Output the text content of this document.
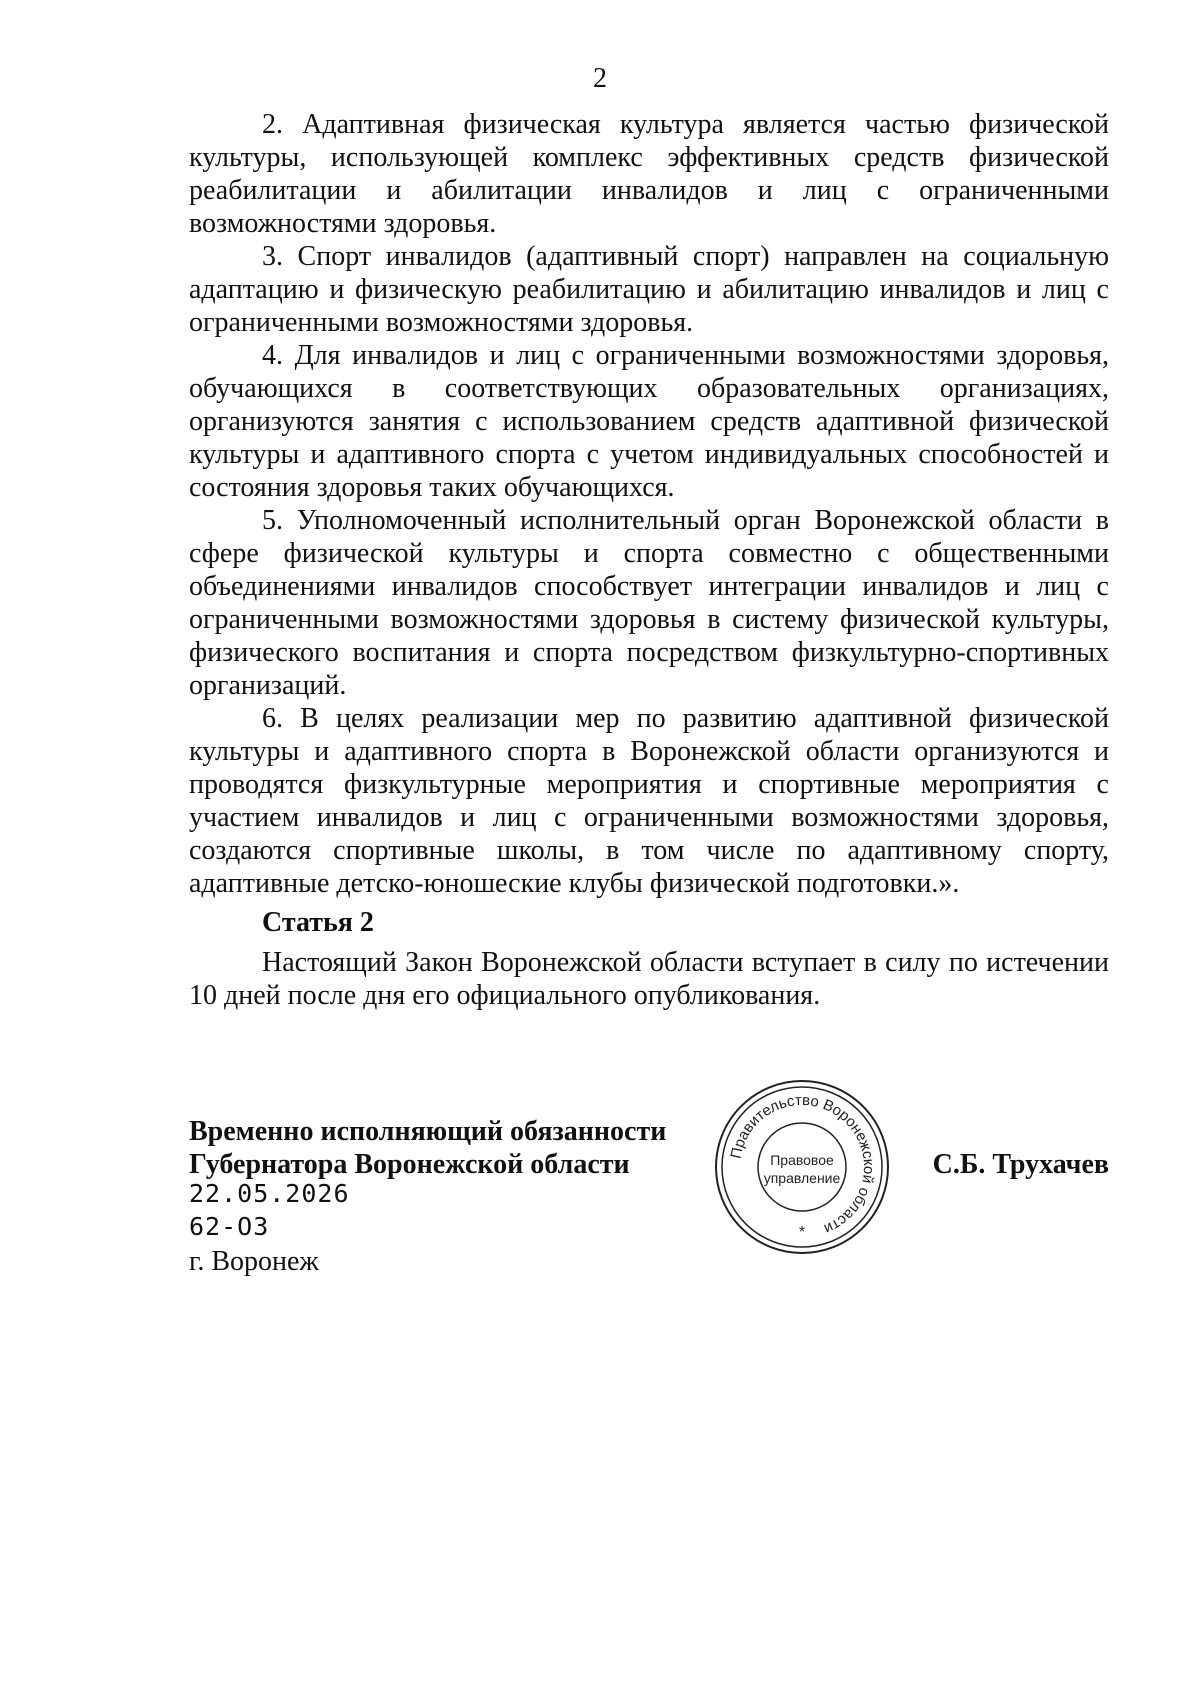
2

2. Адаптивная физическая культура является частью физической культуры, использующей комплекс эффективных средств физической реабилитации и абилитации инвалидов и лиц с ограниченными возможностями здоровья.

3. Спорт инвалидов (адаптивный спорт) направлен на социальную адаптацию и физическую реабилитацию и абилитацию инвалидов и лиц с ограниченными возможностями здоровья.

4. Для инвалидов и лиц с ограниченными возможностями здоровья, обучающихся в соответствующих образовательных организациях, организуются занятия с использованием средств адаптивной физической культуры и адаптивного спорта с учетом индивидуальных способностей и состояния здоровья таких обучающихся.

5. Уполномоченный исполнительный орган Воронежской области в сфере физической культуры и спорта совместно с общественными объединениями инвалидов способствует интеграции инвалидов и лиц с ограниченными возможностями здоровья в систему физической культуры, физического воспитания и спорта посредством физкультурно-спортивных организаций.

6. В целях реализации мер по развитию адаптивной физической культуры и адаптивного спорта в Воронежской области организуются и проводятся физкультурные мероприятия и спортивные мероприятия с участием инвалидов и лиц с ограниченными возможностями здоровья, создаются спортивные школы, в том числе по адаптивному спорту, адаптивные детско-юношеские клубы физической подготовки.».

Статья 2

Настоящий Закон Воронежской области вступает в силу по истечении 10 дней после дня его официального опубликования.

Временно исполняющий обязанности

Губернатора Воронежской области

22.05.2026
62-ОЗ
г. Воронеж
С.Б. Трухачев
Правительство Воронежской области
Правовое
управление
*
